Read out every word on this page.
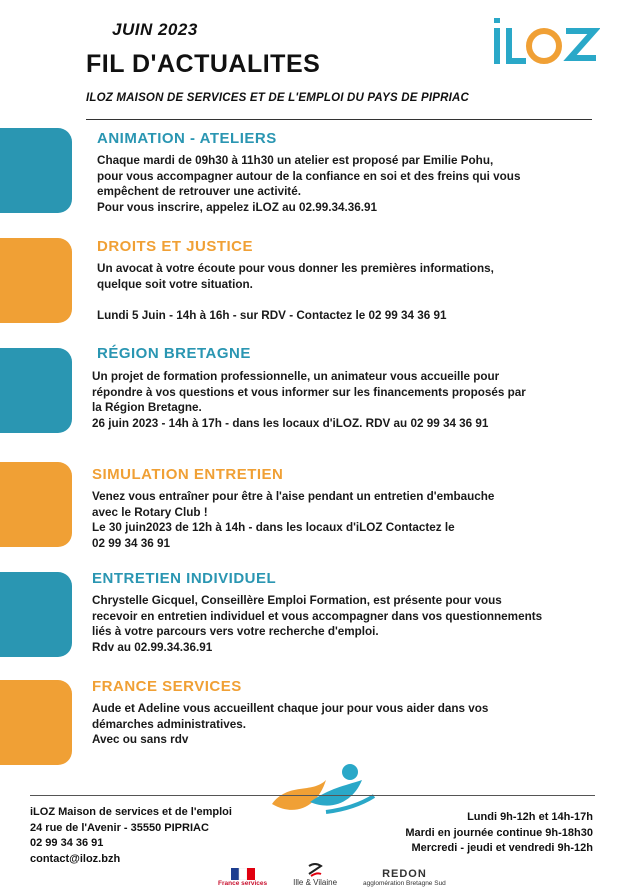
JUIN 2023
FIL D'ACTUALITES
ILOZ MAISON DE SERVICES ET DE L'EMPLOI DU PAYS DE PIPRIAC
ANIMATION - ATELIERS
Chaque mardi de 09h30 à 11h30 un atelier est proposé par Emilie Pohu,
pour vous accompagner autour de la confiance en soi et des freins qui vous
empêchent de retrouver une activité.
Pour vous inscrire, appelez iLOZ au 02.99.34.36.91
DROITS ET JUSTICE
Un avocat à votre écoute pour vous donner les premières informations,
quelque soit votre situation.
Lundi 5 Juin - 14h à 16h - sur RDV - Contactez le 02 99 34 36 91
RÉGION BRETAGNE
Un projet de formation professionnelle, un animateur vous accueille pour
répondre à vos questions et vous informer sur les financements proposés par
la Région Bretagne.
26 juin 2023 - 14h à 17h - dans les locaux d'iLOZ. RDV au 02 99 34 36 91
SIMULATION ENTRETIEN
Venez vous entraîner pour être à l'aise pendant un entretien d'embauche
avec le Rotary Club !
Le 30 juin2023 de 12h à 14h - dans les locaux d'iLOZ Contactez le
02 99 34 36 91
ENTRETIEN INDIVIDUEL
Chrystelle Gicquel, Conseillère Emploi Formation, est présente pour vous
recevoir en entretien individuel et vous accompagner dans vos questionnements
liés à votre parcours vers votre recherche d'emploi.
Rdv au 02.99.34.36.91
FRANCE SERVICES
Aude et Adeline vous accueillent chaque jour pour vous aider dans vos
démarches administratives.
Avec ou sans rdv
iLOZ Maison de services et de l'emploi
24 rue de l'Avenir - 35550 PIPRIAC
02 99 34 36 91
contact@iloz.bzh
Lundi 9h-12h et 14h-17h
Mardi en journée continue 9h-18h30
Mercredi - jeudi et vendredi 9h-12h
France services	Ille & Vilaine
REDON
agglomération Bretagne Sud
